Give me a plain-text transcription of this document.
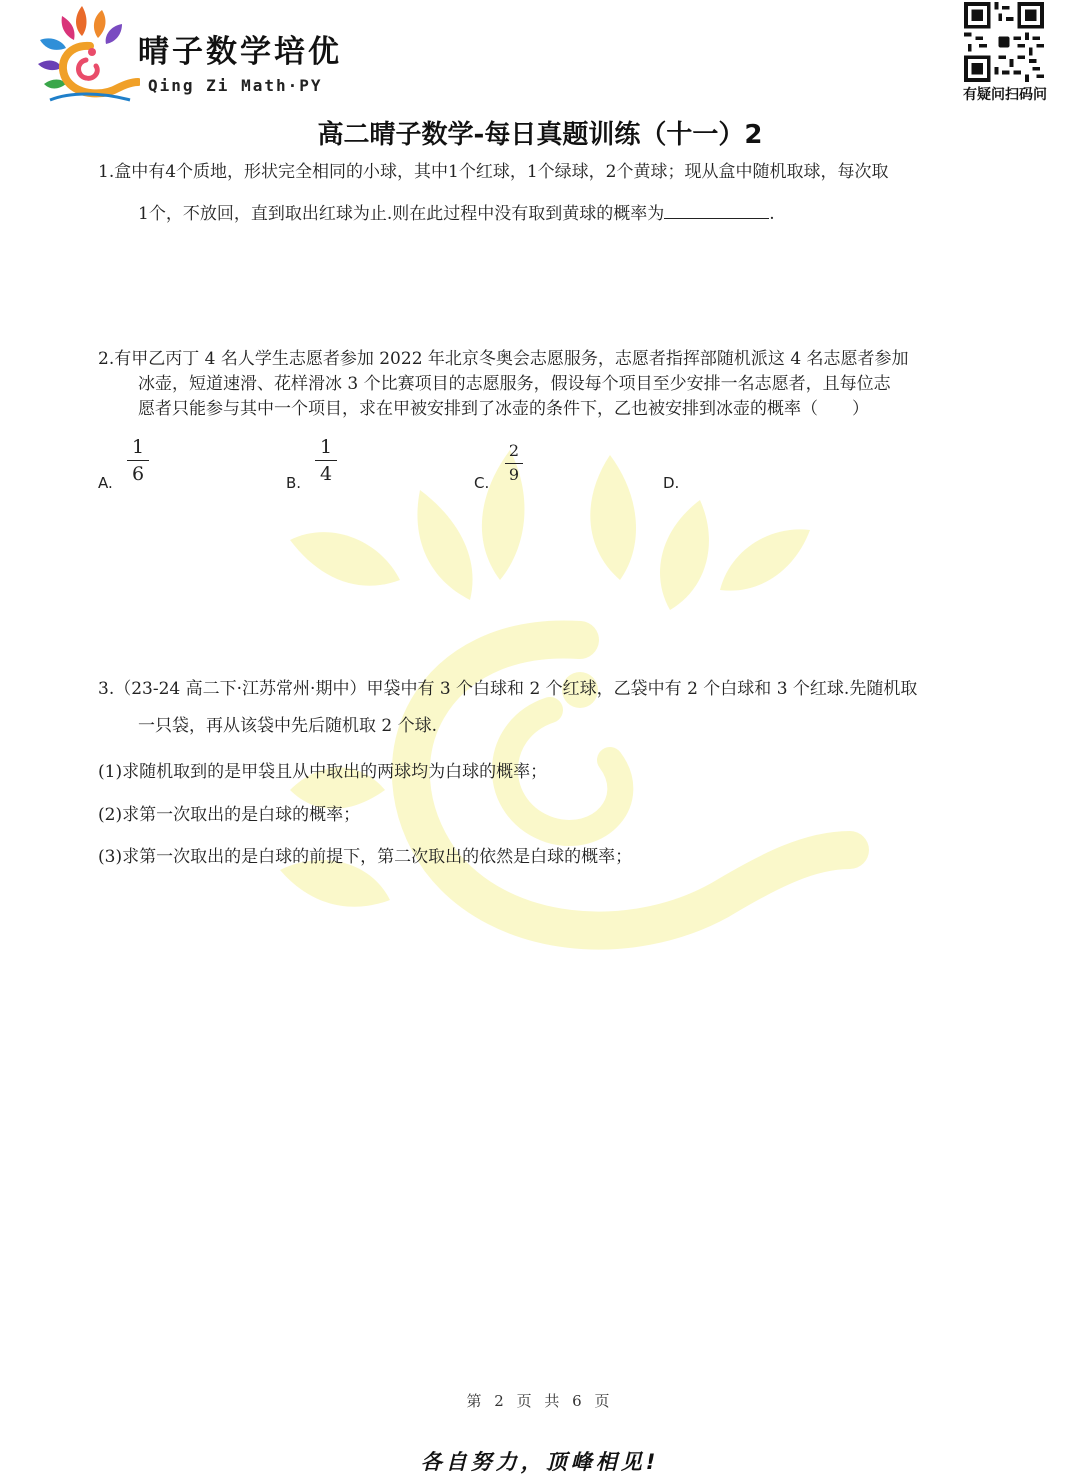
晴子数学培优
Qing Zi Math·PY	有疑问扫码问
高二晴子数学-每日真题训练（十一）2
1.盒中有4个质地，形状完全相同的小球，其中1个红球，1个绿球，2个黄球；现从盒中随机取球，每次取
1个，不放回，直到取出红球为止.则在此过程中没有取到黄球的概率为	.
2.有甲乙丙丁 4 名人学生志愿者参加 2022 年北京冬奥会志愿服务，志愿者指挥部随机派这 4 名志愿者参加
冰壶，短道速滑、花样滑冰 3 个比赛项目的志愿服务，假设每个项目至少安排一名志愿者，且每位志
愿者只能参与其中一个项目，求在甲被安排到了冰壶的条件下，乙也被安排到冰壶的概率（　　）
A.
1
6	B.
1
4	C.
2
9	D.
3.（23-24 高二下·江苏常州·期中）甲袋中有 3 个白球和 2 个红球，乙袋中有 2 个白球和 3 个红球.先随机取
一只袋，再从该袋中先后随机取 2 个球.
(1)求随机取到的是甲袋且从中取出的两球均为白球的概率；
(2)求第一次取出的是白球的概率；
(3)求第一次取出的是白球的前提下，第二次取出的依然是白球的概率；
第 2 页 共 6 页
各自努力，顶峰相见!
